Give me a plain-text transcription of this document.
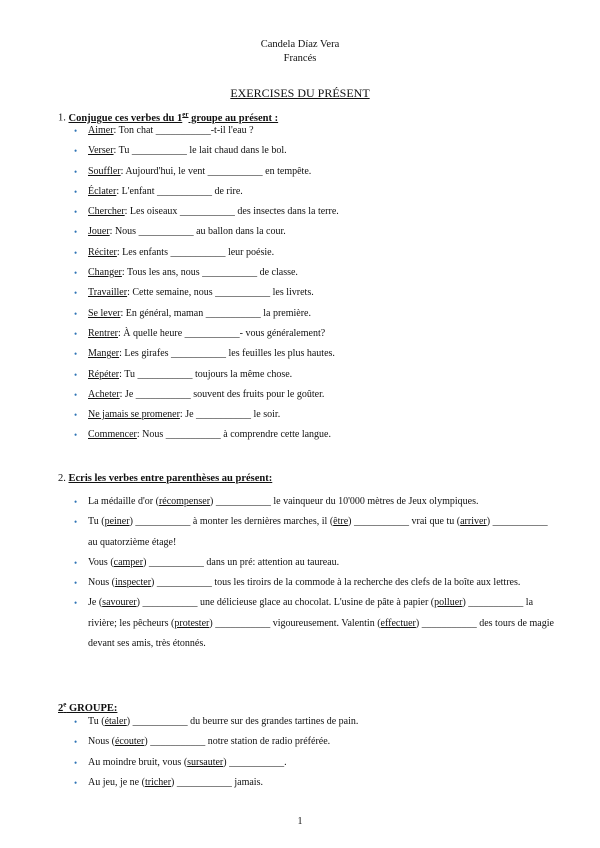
Candela Díaz Vera
Francés
EXERCISES DU PRÉSENT
1. Conjugue ces verbes du 1er groupe au présent :
• Aimer: Ton chat ___________-t-il l'eau ?
• Verser: Tu ___________ le lait chaud dans le bol.
• Souffler: Aujourd'hui, le vent ___________ en tempête.
• Éclater: L'enfant ___________ de rire.
• Chercher: Les oiseaux ___________ des insectes dans la terre.
• Jouer: Nous ___________ au ballon dans la cour.
• Réciter: Les enfants ___________ leur poésie.
• Changer: Tous les ans, nous ___________ de classe.
• Travailler: Cette semaine, nous ___________ les livrets.
• Se lever: En général, maman ___________ la première.
• Rentrer: À quelle heure ___________- vous généralement?
• Manger: Les girafes ___________ les feuilles les plus hautes.
• Répéter: Tu ___________ toujours la même chose.
• Acheter: Je ___________ souvent des fruits pour le goûter.
• Ne jamais se promener: Je ___________ le soir.
• Commencer: Nous ___________ à comprendre cette langue.
2. Ecris les verbes entre parenthèses au présent:
• La médaille d'or (récompenser) ___________ le vainqueur du 10'000 mètres de Jeux olympiques.
• Tu (peiner) ___________ à monter les dernières marches, il (être) ___________ vrai que tu (arriver) ___________ au quatorzième étage!
• Vous (camper) ___________ dans un pré: attention au taureau.
• Nous (inspecter) ___________ tous les tiroirs de la commode à la recherche des clefs de la boîte aux lettres.
• Je (savourer) ___________ une délicieuse glace au chocolat. L'usine de pâte à papier (polluer) ___________ la rivière; les pêcheurs (protester) ___________ vigoureusement. Valentin (effectuer) ___________ des tours de magie devant ses amis, très étonnés.
2e GROUPE:
• Tu (étaler) ___________ du beurre sur des grandes tartines de pain.
• Nous (écouter) ___________ notre station de radio préférée.
• Au moindre bruit, vous (sursauter) ___________.
• Au jeu, je ne (tricher) ___________ jamais.
1
